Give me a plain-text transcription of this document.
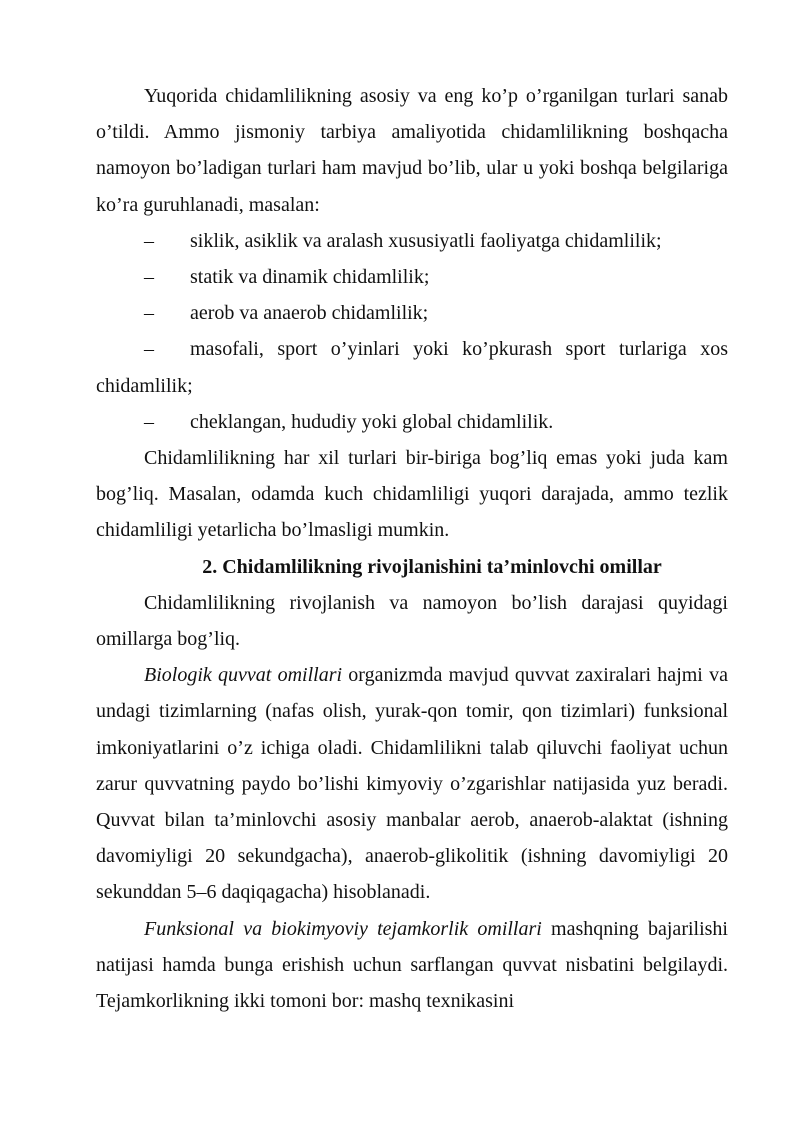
Yuqorida chidamlilikning asosiy va eng ko’p o’rganilgan turlari sanab o’tildi. Ammo jismoniy tarbiya amaliyotida chidamlilikning boshqacha namoyon bo’ladigan turlari ham mavjud bo’lib, ular u yoki boshqa belgilariga ko’ra guruhlanadi, masalan:

– siklik, asiklik va aralash xususiyatli faoliyatga chidamlilik;

– statik va dinamik chidamlilik;

– aerob va anaerob chidamlilik;

– masofali, sport o’yinlari yoki ko’pkurash sport turlariga xos chidamlilik;

– cheklangan, hududiy yoki global chidamlilik.

Chidamlilikning har xil turlari bir-biriga bog’liq emas yoki juda kam bog’liq. Masalan, odamda kuch chidamliligi yuqori darajada, ammo tezlik chidamliligi yetarlicha bo’lmasligi mumkin.

2. Chidamlilikning rivojlanishini ta’minlovchi omillar

Chidamlilikning rivojlanish va namoyon bo’lish darajasi quyidagi omillarga bog’liq.

Biologik quvvat omillari organizmda mavjud quvvat zaxiralari hajmi va undagi tizimlarning (nafas olish, yurak-qon tomir, qon tizimlari) funksional imkoniyatlarini o’z ichiga oladi. Chidamlilikni talab qiluvchi faoliyat uchun zarur quvvatning paydo bo’lishi kimyoviy o’zgarishlar natijasida yuz beradi. Quvvat bilan ta’minlovchi asosiy manbalar aerob, anaerob-alaktat (ishning davomiyligi 20 sekundgacha), anaerob-glikolitik (ishning davomiyligi 20 sekunddan 5–6 daqiqagacha) hisoblanadi.

Funksional va biokimyoviy tejamkorlik omillari mashqning bajarilishi natijasi hamda bunga erishish uchun sarflangan quvvat nisbatini belgilaydi. Tejamkorlikning ikki tomoni bor: mashq texnikasini
